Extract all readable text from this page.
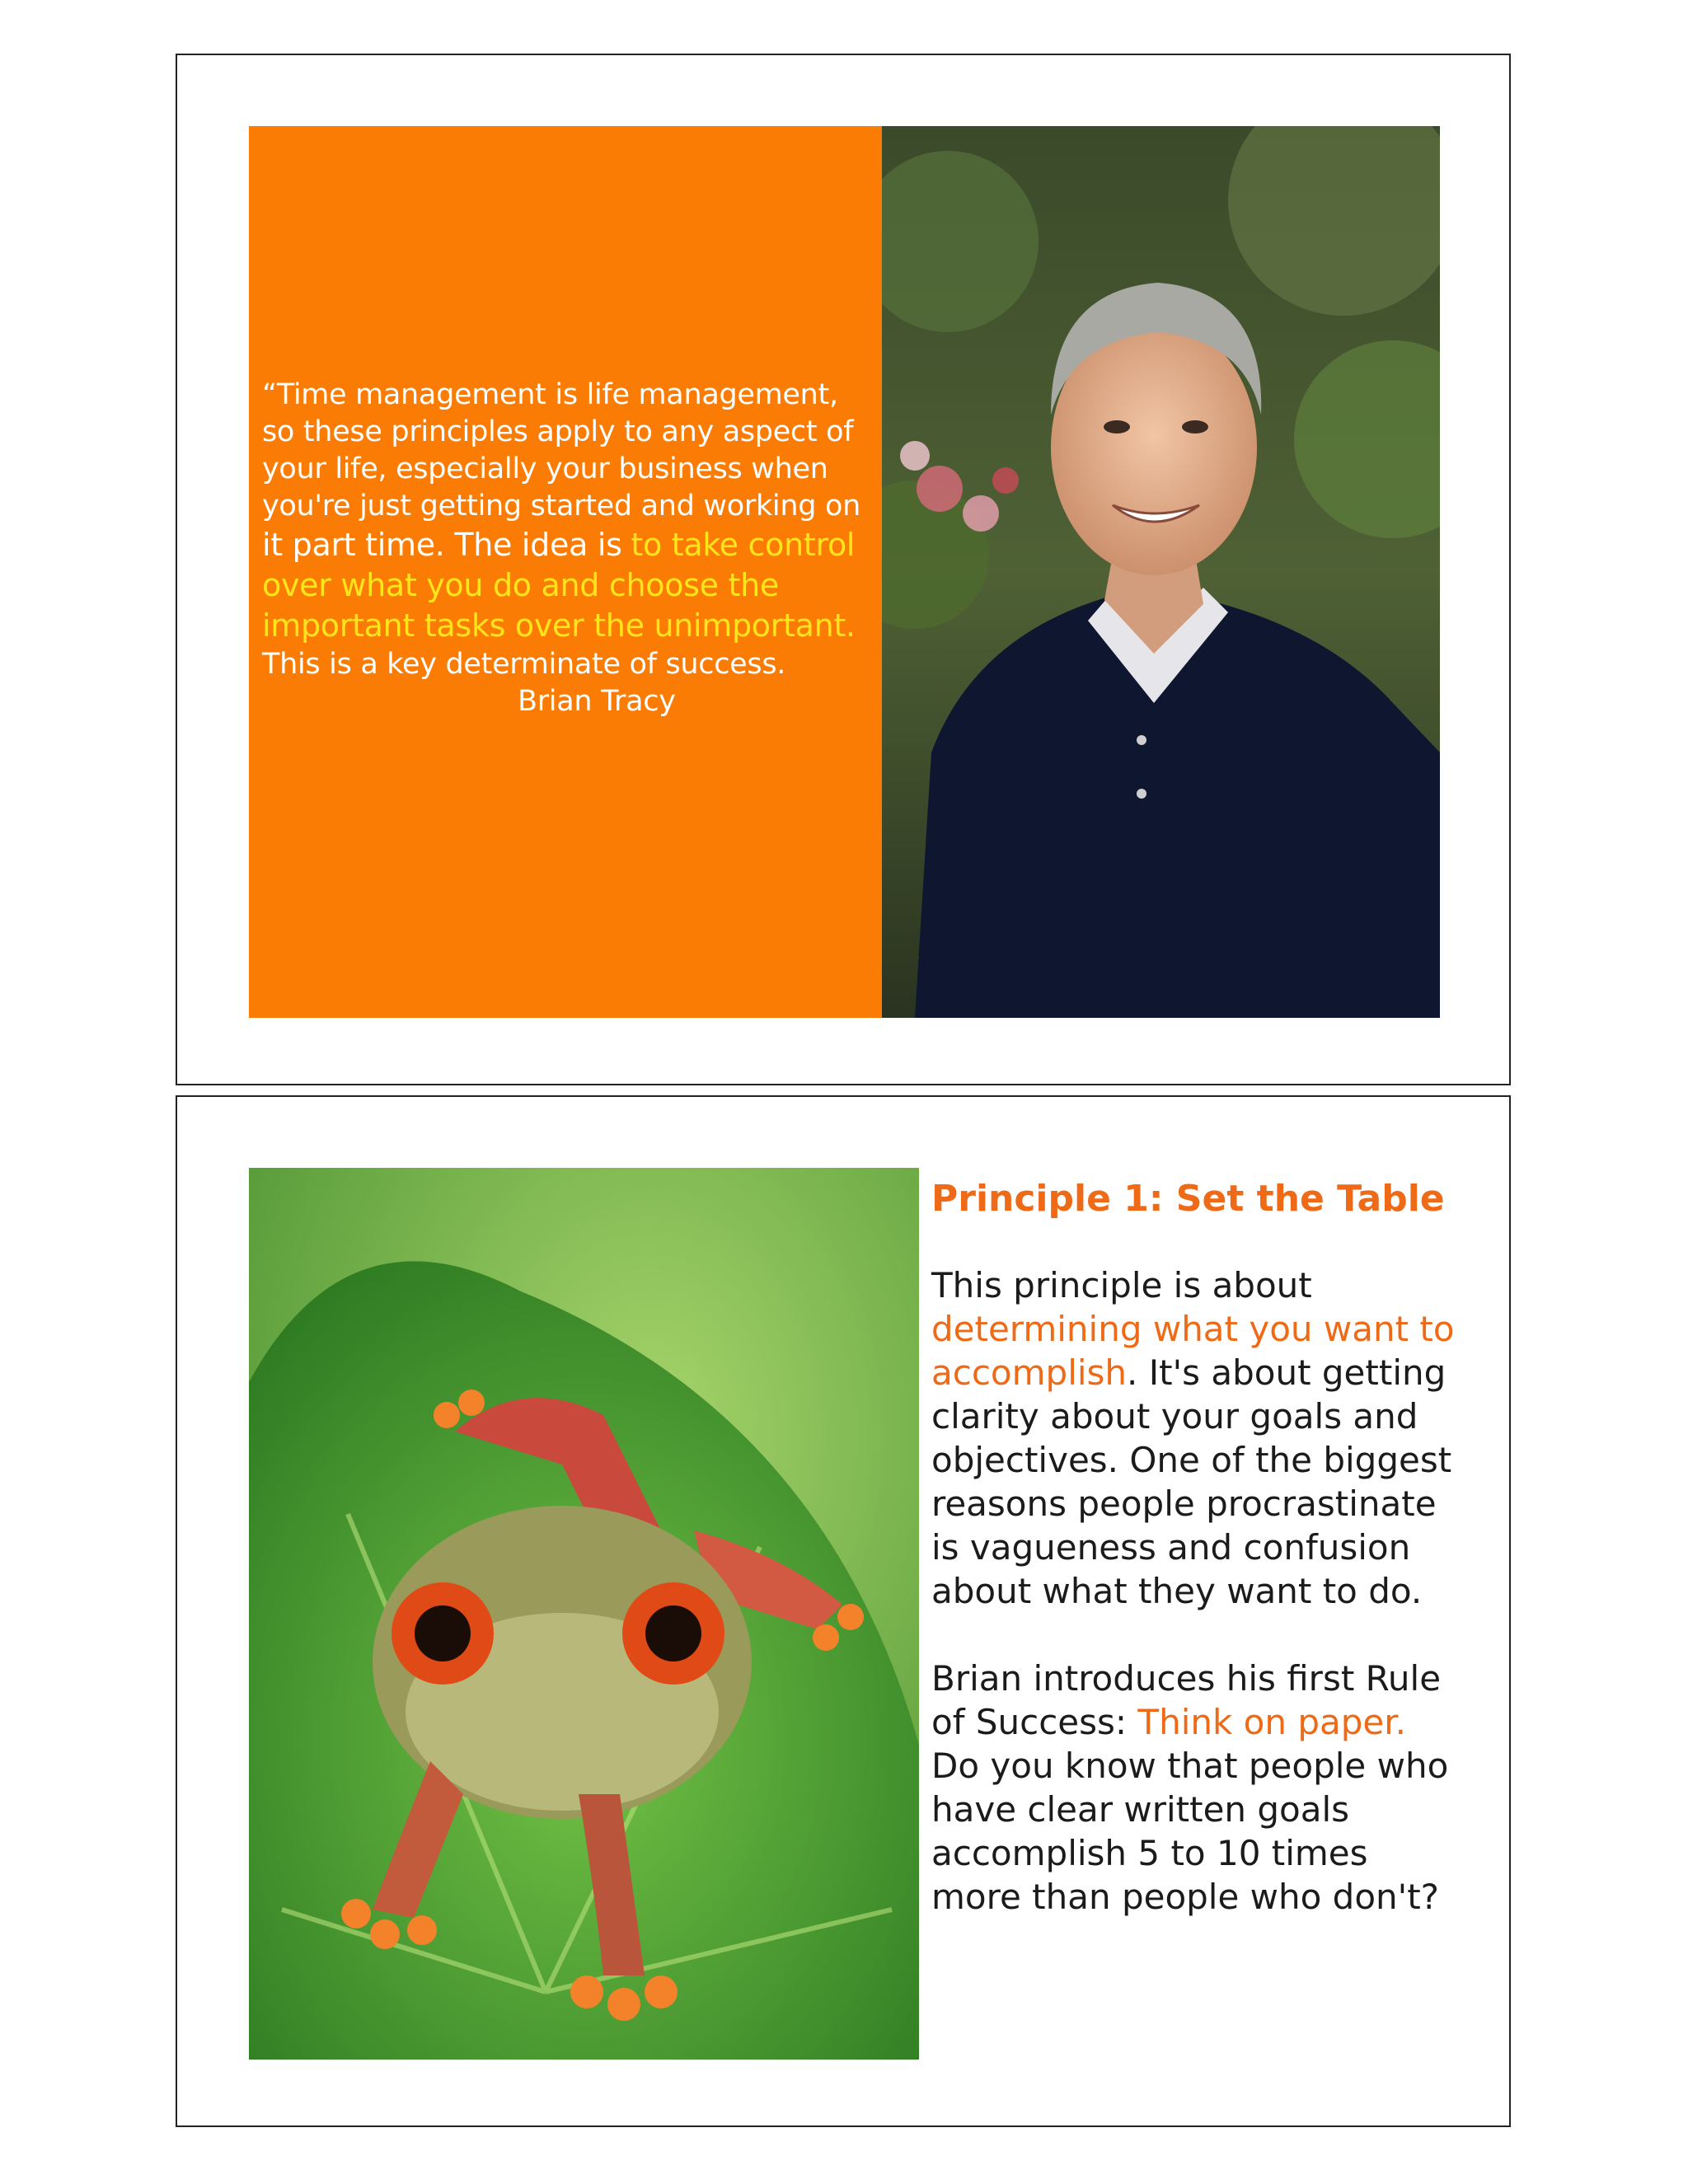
“Time management is life management, so these principles apply to any aspect of your life, especially your business when you're just getting started and working on it part time. The idea is to take control over what you do and choose the important tasks over the unimportant.
This is a key determinate of success.
Brian Tracy
Principle 1: Set the Table

This principle is about determining what you want to accomplish. It's about getting clarity about your goals and objectives. One of the biggest reasons people procrastinate is vagueness and confusion about what they want to do.

Brian introduces his first Rule of Success: Think on paper. Do you know that people who have clear written goals accomplish 5 to 10 times more than people who don't?
